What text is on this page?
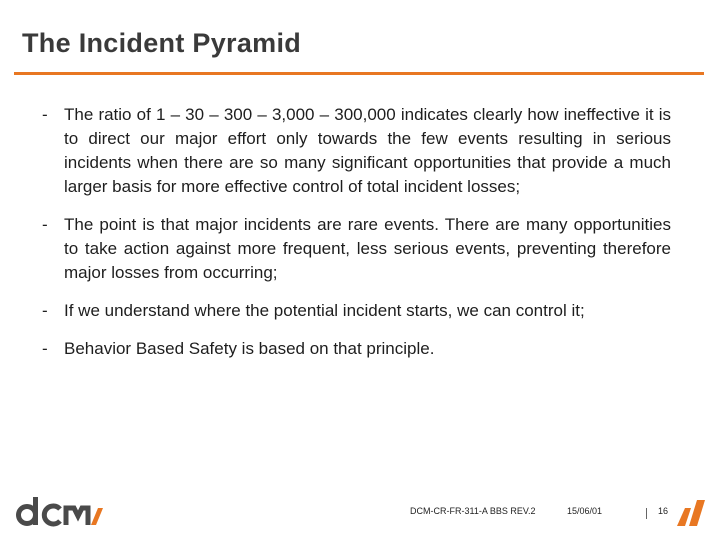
The Incident Pyramid
- The ratio of 1 – 30 – 300 – 3,000 – 300,000 indicates clearly how ineffective it is to direct our major effort only towards the few events resulting in serious incidents when there are so many significant opportunities that provide a much larger basis for more effective control of total incident losses;
- The point is that major incidents are rare events. There are many opportunities to take action against more frequent, less serious events, preventing therefore major losses from occurring;
- If we understand where the potential incident starts, we can control it;
- Behavior Based Safety is based on that principle.
DCM-CR-FR-311-A BBS REV.2	15/06/01	16
